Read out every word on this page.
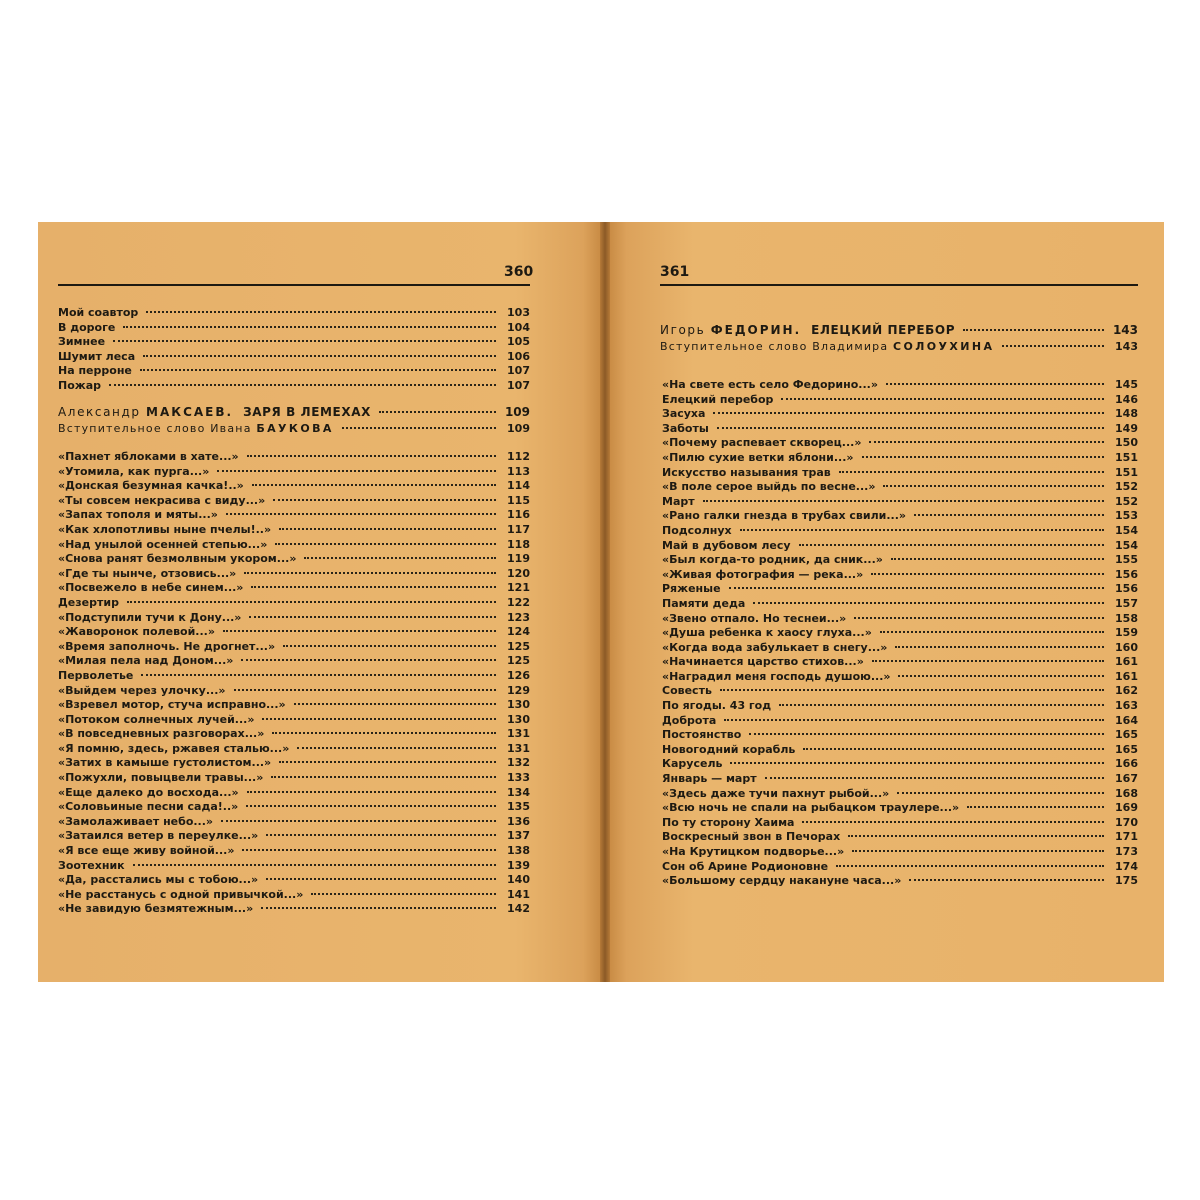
360
Мой соавтор	103
В дороге	104
Зимнее	105
Шумит леса	106
На перроне	107
Пожар	107
Александр МАКСАЕВ. ЗАРЯ В ЛЕМЕХАХ	109
Вступительное слово Ивана БАУКОВА	109
«Пахнет яблоками в хате...»	112
«Утомила, как пурга...»	113
«Донская безумная качка!..»	114
«Ты совсем некрасива с виду...»	115
«Запах тополя и мяты...»	116
«Как хлопотливы ныне пчелы!..»	117
«Над унылой осенней степью...»	118
«Снова ранят безмолвным укором...»	119
«Где ты нынче, отзовись...»	120
«Посвежело в небе синем...»	121
Дезертир	122
«Подступили тучи к Дону...»	123
«Жаворонок полевой...»	124
«Время заполночь. Не дрогнет...»	125
«Милая пела над Доном...»	125
Перволетье	126
«Выйдем через улочку...»	129
«Взревел мотор, стуча исправно...»	130
«Потоком солнечных лучей...»	130
«В повседневных разговорах...»	131
«Я помню, здесь, ржавея сталью...»	131
«Затих в камыше густолистом...»	132
«Пожухли, повыцвели травы...»	133
«Еще далеко до восхода...»	134
«Соловьиные песни сада!..»	135
«Замолаживает небо...»	136
«Затаился ветер в переулке...»	137
«Я все еще живу войной...»	138
Зоотехник	139
«Да, расстались мы с тобою...»	140
«Не расстанусь с одной привычкой...»	141
«Не завидую безмятежным...»	142
361
Игорь ФЕДОРИН. ЕЛЕЦКИЙ ПЕРЕБОР	143
Вступительное слово Владимира СОЛОУХИНА	143
«На свете есть село Федорино...»	145
Елецкий перебор	146
Засуха	148
Заботы	149
«Почему распевает скворец...»	150
«Пилю сухие ветки яблони...»	151
Искусство называния трав	151
«В поле серое выйдь по весне...»	152
Март	152
«Рано галки гнезда в трубах свили...»	153
Подсолнух	154
Май в дубовом лесу	154
«Был когда-то родник, да сник...»	155
«Живая фотография — река...»	156
Ряженые	156
Памяти деда	157
«Звено отпало. Но теснеи...»	158
«Душа ребенка к хаосу глуха...»	159
«Когда вода забулькает в снегу...»	160
«Начинается царство стихов...»	161
«Наградил меня господь душою...»	161
Совесть	162
По ягоды. 43 год	163
Доброта	164
Постоянство	165
Новогодний корабль	165
Карусель	166
Январь — март	167
«Здесь даже тучи пахнут рыбой...»	168
«Всю ночь не спали на рыбацком траулере...»	169
По ту сторону Хаима	170
Воскресный звон в Печорах	171
«На Крутицком подворье...»	173
Сон об Арине Родионовне	174
«Большому сердцу накануне часа...»	175
